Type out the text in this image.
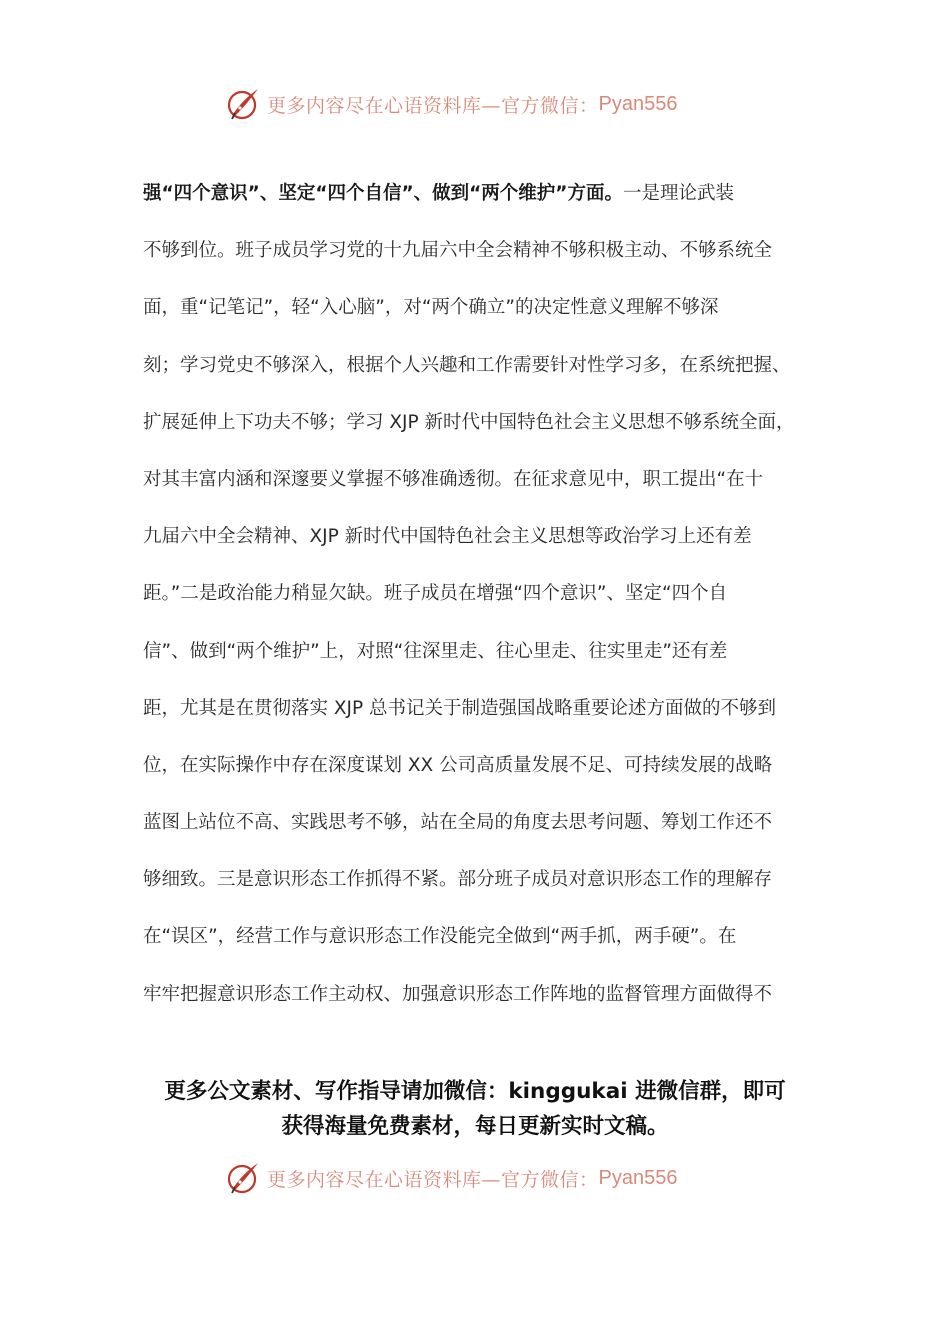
更多内容尽在心语资料库—官方微信： Pyan556
强“四个意识”、坚定“四个自信”、做到“两个维护”方面。一是理论武装
不够到位。班子成员学习党的十九届六中全会精神不够积极主动、不够系统全
面，重“记笔记”，轻“入心脑”，对“两个确立”的决定性意义理解不够深
刻；学习党史不够深入，根据个人兴趣和工作需要针对性学习多，在系统把握、
扩展延伸上下功夫不够；学习 XJP 新时代中国特色社会主义思想不够系统全面，
对其丰富内涵和深邃要义掌握不够准确透彻。在征求意见中，职工提出“在十
九届六中全会精神、XJP 新时代中国特色社会主义思想等政治学习上还有差
距。”二是政治能力稍显欠缺。班子成员在增强“四个意识”、坚定“四个自
信”、做到“两个维护”上，对照“往深里走、往心里走、往实里走”还有差
距，尤其是在贯彻落实 XJP 总书记关于制造强国战略重要论述方面做的不够到
位，在实际操作中存在深度谋划 XX 公司高质量发展不足、可持续发展的战略
蓝图上站位不高、实践思考不够，站在全局的角度去思考问题、筹划工作还不
够细致。三是意识形态工作抓得不紧。部分班子成员对意识形态工作的理解存
在“误区”，经营工作与意识形态工作没能完全做到“两手抓，两手硬”。在
牢牢把握意识形态工作主动权、加强意识形态工作阵地的监督管理方面做得不
更多公文素材、写作指导请加微信：kinggukai 进微信群，即可
获得海量免费素材，每日更新实时文稿。
更多内容尽在心语资料库—官方微信： Pyan556
